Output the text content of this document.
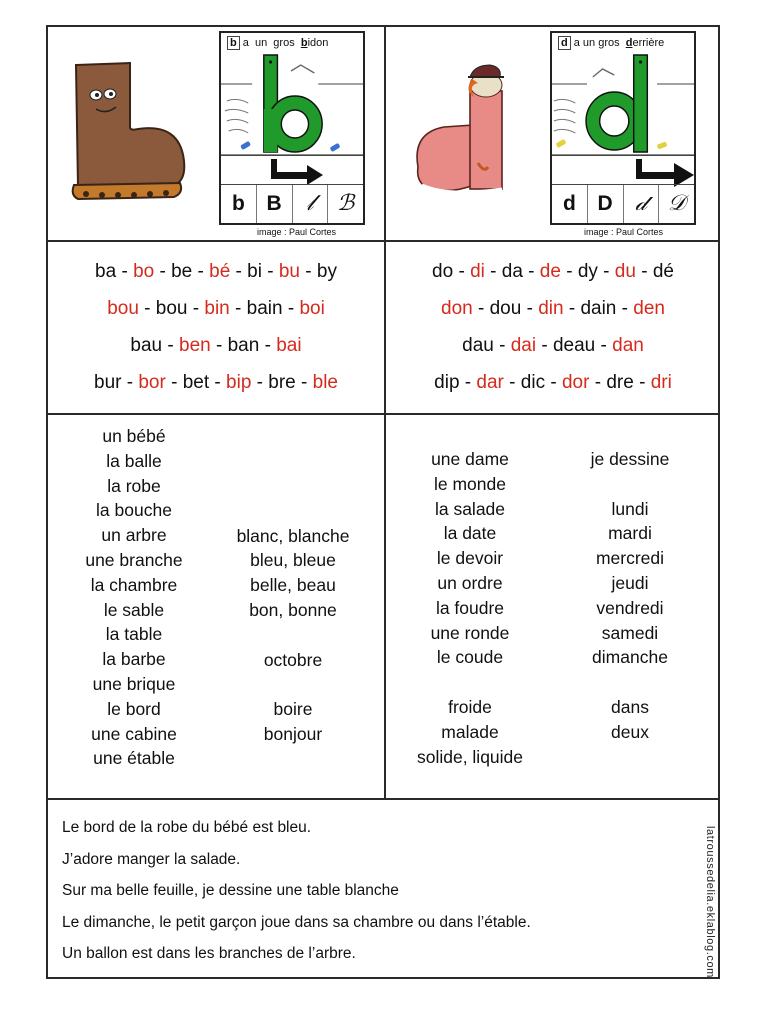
b a  un  gros  bidon
b	B	𝓁	ℬ
image : Paul Cortes
d a un gros  derrière
d	D	𝒹 𝒟
image : Paul Cortes
ba - bo - be - bé - bi - bu - by
bou - bou - bin - bain - boi
bau - ben - ban - bai
bur - bor - bet - bip - bre - ble
do - di - da - de - dy - du - dé
don - dou - din - dain - den
dau - dai - deau - dan
dip - dar - dic - dor - dre - dri
un bébé
la balle
la robe
la bouche
un arbre
une branche
la chambre
le sable
la table
la barbe
une brique
le bord
une cabine
une étable

blanc, blanche
bleu, bleue
belle, beau
bon, bonne

octobre

boire
bonjour
une dame
le monde
la salade
la date
le devoir
un ordre
la foudre
une ronde
le coude

froide
malade
solide, liquide
je dessine

lundi
mardi
mercredi
jeudi
vendredi
samedi
dimanche

dans
deux
Le bord de la robe du bébé est bleu.
J’adore manger la salade.
Sur ma belle feuille, je dessine une table blanche
Le dimanche, le petit garçon joue dans sa chambre ou dans l’étable.
Un ballon est dans les branches de l’arbre.	latroussedelia.eklablog.com
